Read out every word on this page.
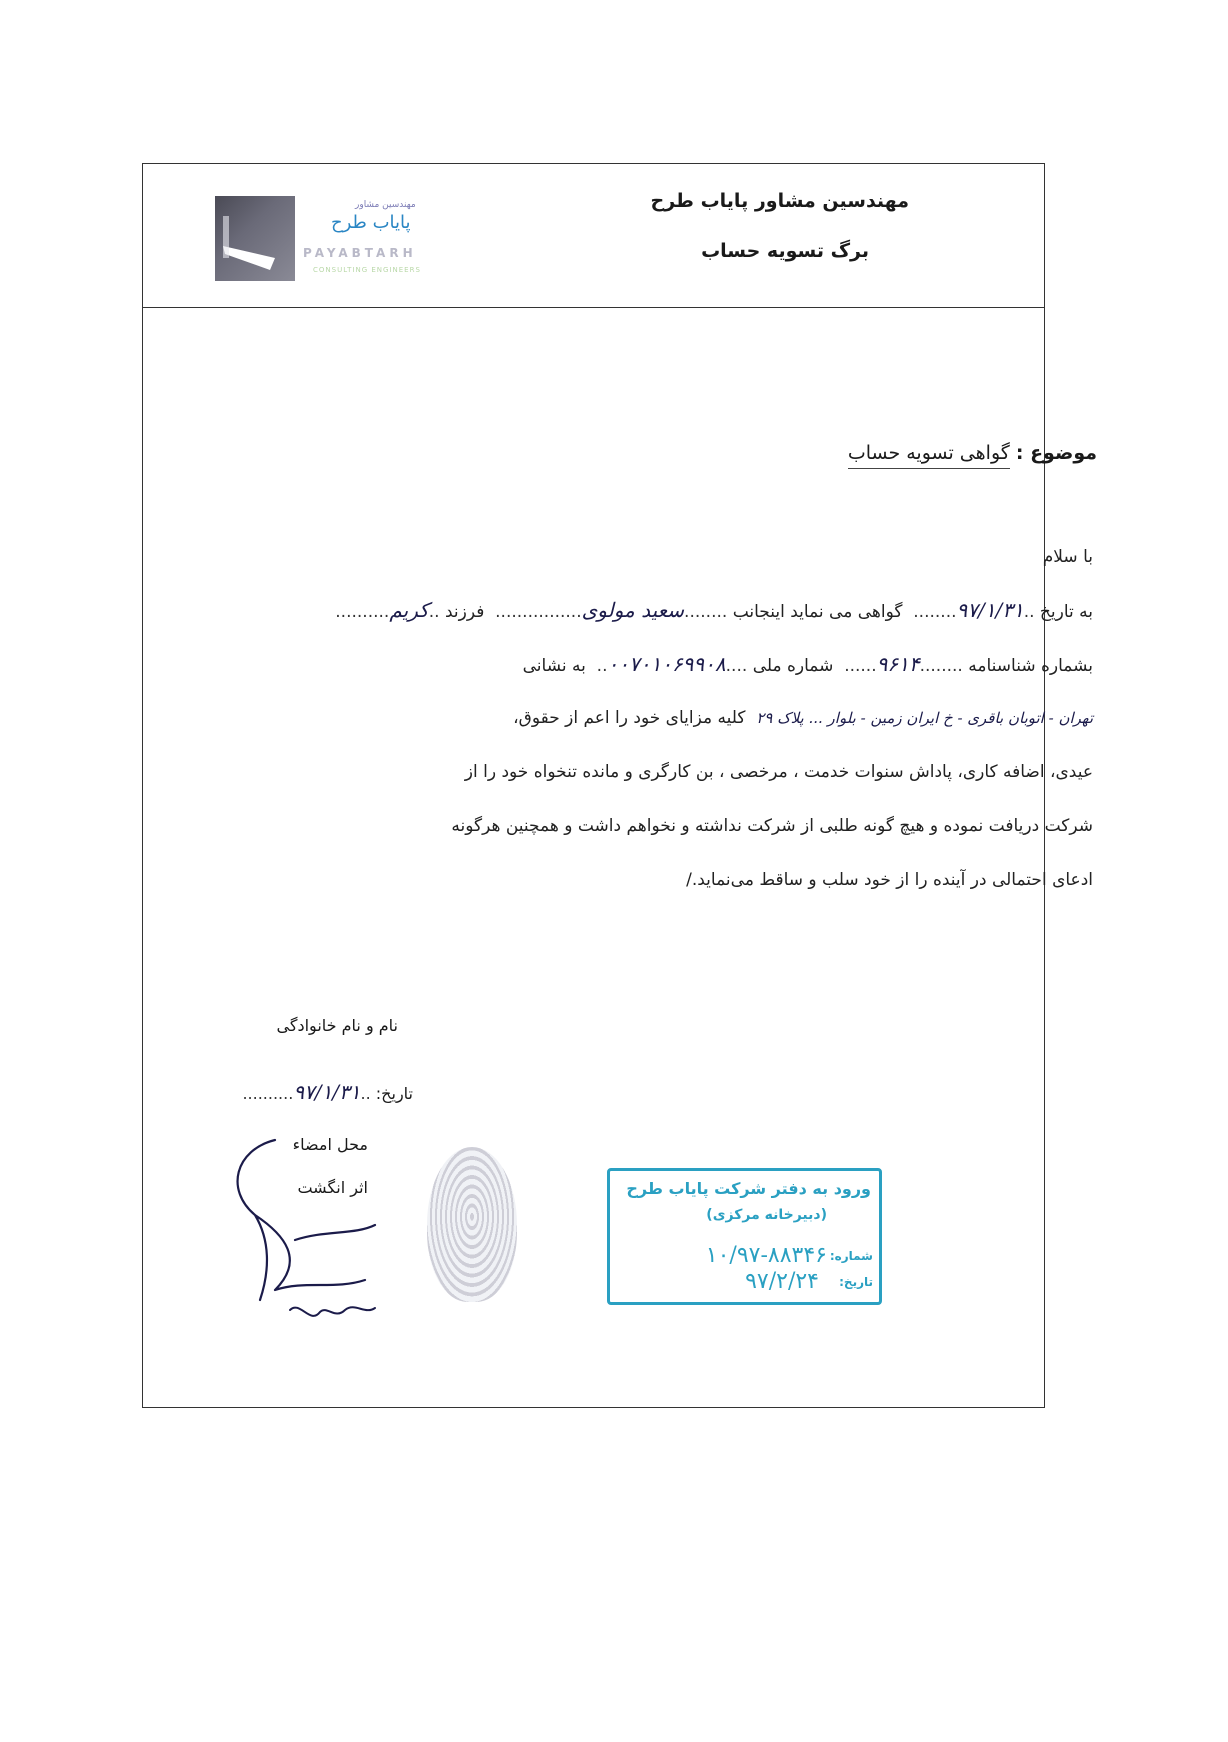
مهندسین مشاور پایاب طرح
برگ تسویه حساب
مهندسین مشاور
پایاب طرح
PAYABTARH
CONSULTING ENGINEERS
موضوع : گواهی تسویه حساب
با سلام
به تاریخ ..۹۷/۱/۳۱........  گواهی می نماید اینجانب ........سعید مولوی................  فرزند ..کریم..........
بشماره شناسنامه ........۹۶۱۴......  شماره ملی ....۰۰۷۰۱۰۶۹۹۰۸..  به نشانی
تهران - اتوبان باقری - خ ایران زمین - بلوار ... پلاک ۲۹  کلیه مزایای خود را اعم از حقوق،
عیدی، اضافه کاری، پاداش سنوات خدمت ، مرخصی ، بن کارگری و مانده تنخواه خود را از
شرکت دریافت نموده و هیچ گونه طلبی از شرکت نداشته و نخواهم داشت و همچنین هرگونه
ادعای احتمالی در آینده را از خود سلب و ساقط می‌نماید./
نام و نام خانوادگی
تاریخ: ..۹۷/۱/۳۱..........
محل امضاء
اثر انگشت	ورود به دفتر شرکت پایاب طرح
(دبیرخانه مرکزی)
شماره:
۱۰/۹۷-۸۸۳۴۶
تاریخ:
۹۷/۲/۲۴
